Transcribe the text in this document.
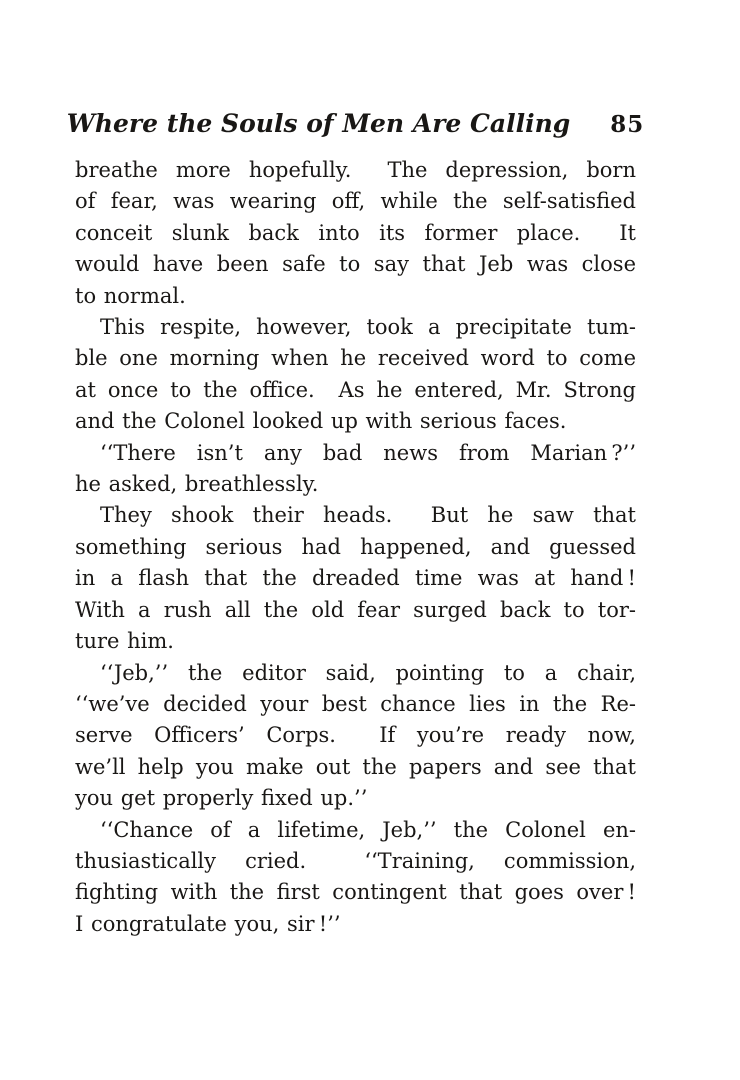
Where the Souls of Men Are Calling 85
breathe more hopefully.  The depression, born
of fear, was wearing off, while the self-satisfied
conceit slunk back into its former place.  It
would have been safe to say that Jeb was close
to normal.
This respite, however, took a precipitate tum-
ble one morning when he received word to come
at once to the office.  As he entered, Mr. Strong
and the Colonel looked up with serious faces.
‘‘There isn’t any bad news from Marian ?’’
he asked, breathlessly.
They shook their heads.  But he saw that
something serious had happened, and guessed
in a flash that the dreaded time was at hand !
With a rush all the old fear surged back to tor-
ture him.
‘‘Jeb,’’ the editor said, pointing to a chair,
‘‘we’ve decided your best chance lies in the Re-
serve Officers’ Corps.  If you’re ready now,
we’ll help you make out the papers and see that
you get properly fixed up.’’
‘‘Chance of a lifetime, Jeb,’’ the Colonel en-
thusiastically cried.  ‘‘Training, commission,
fighting with the first contingent that goes over !
I congratulate you, sir !’’
